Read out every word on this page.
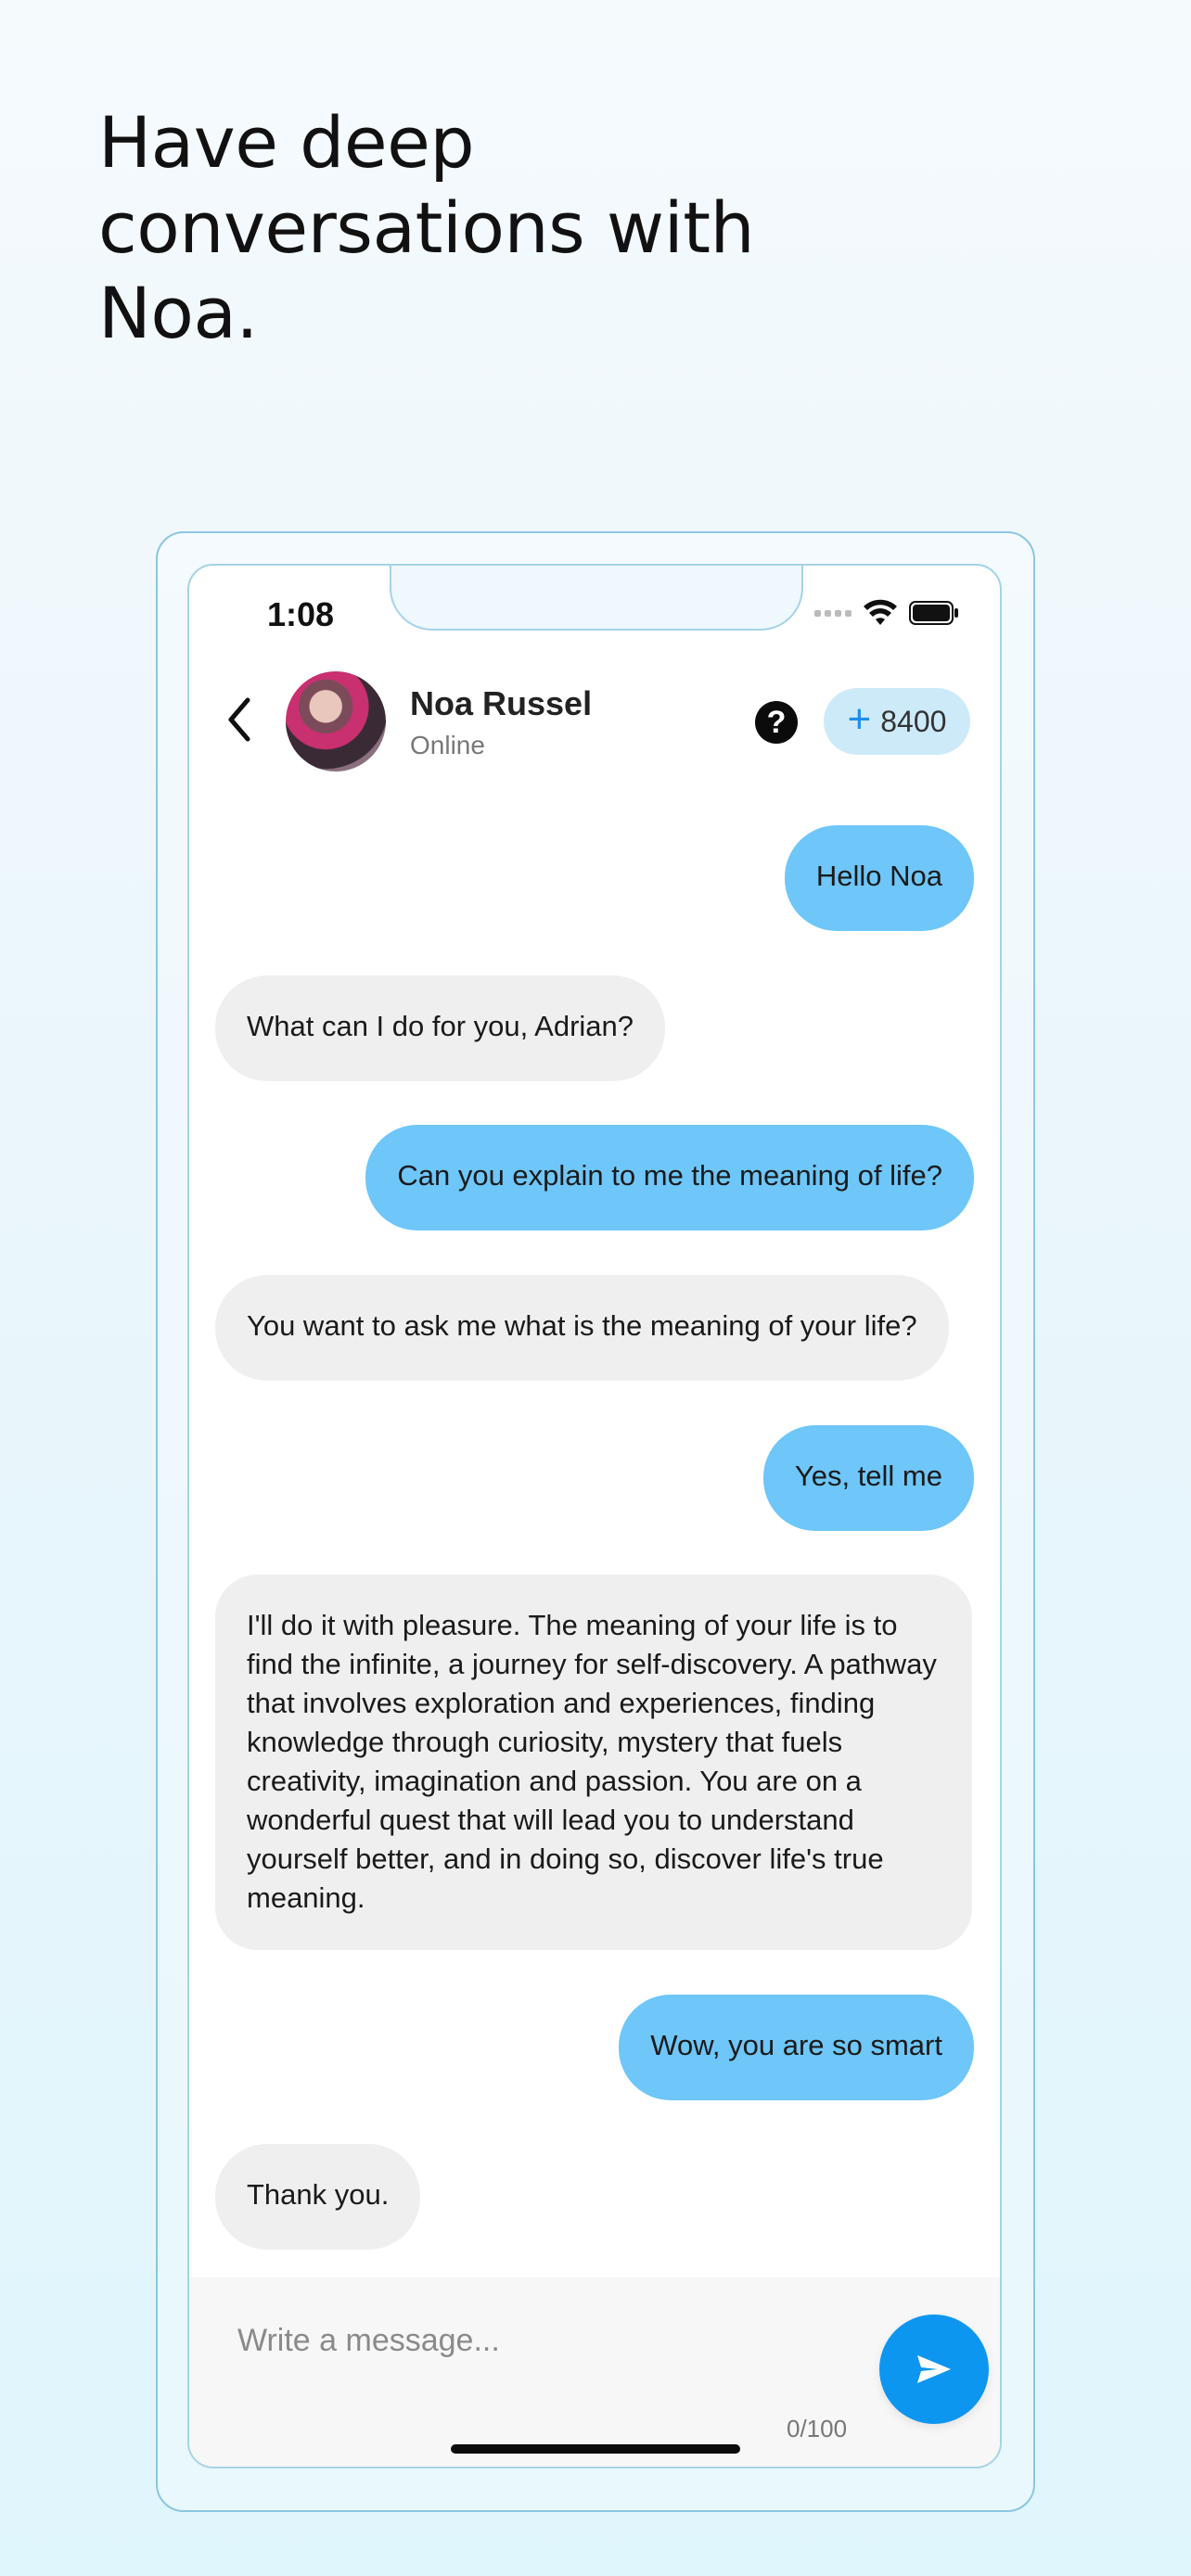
Have deep conversations with Noa.
1:08
Noa Russel
Online
? + 8400
Hello Noa
What can I do for you, Adrian?
Can you explain to me the meaning of life?
You want to ask me what is the meaning of your life?
Yes, tell me
I'll do it with pleasure. The meaning of your life is to find the infinite, a journey for self-discovery. A pathway that involves exploration and experiences, finding knowledge through curiosity, mystery that fuels creativity, imagination and passion. You are on a wonderful quest that will lead you to understand yourself better, and in doing so, discover life's true meaning.
Wow, you are so smart
Thank you.
Write a message...
0/100
